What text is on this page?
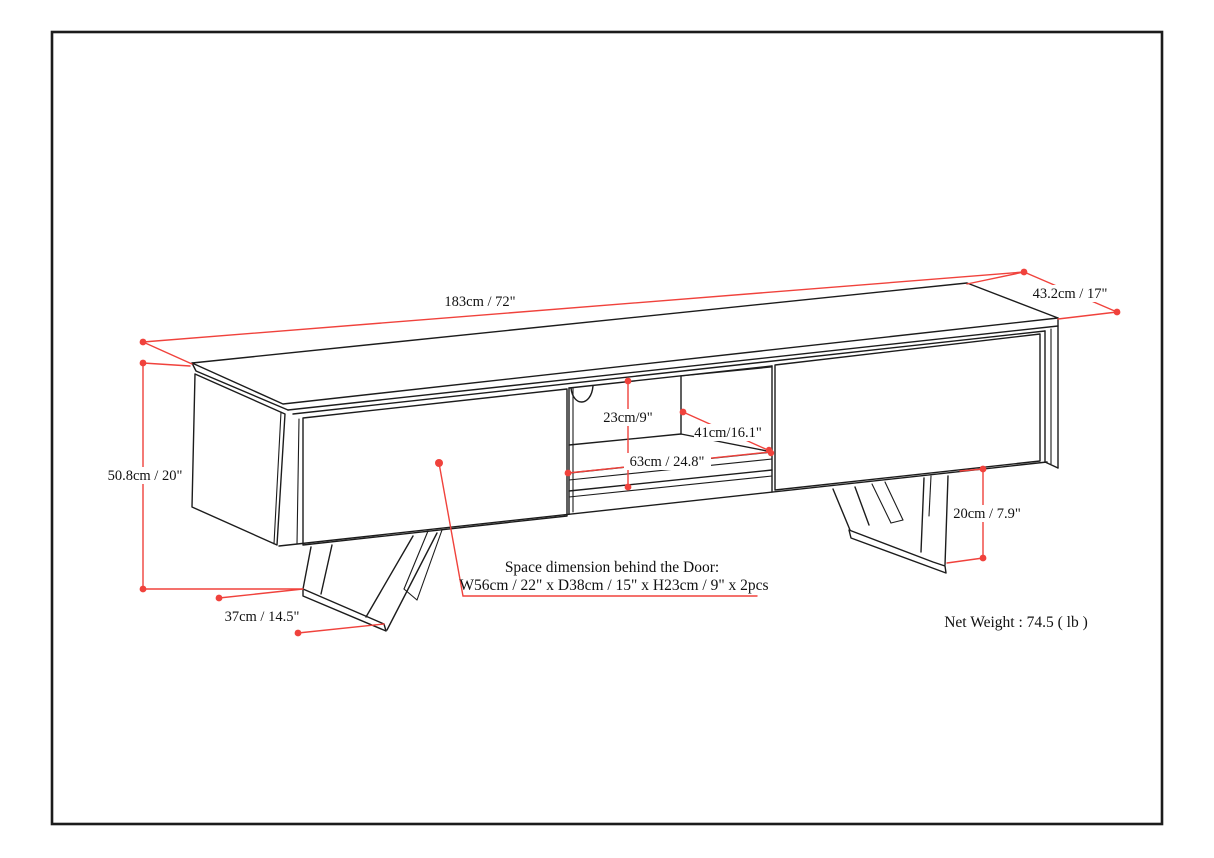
183cm / 72"	43.2cm / 17"
50.8cm / 20"
23cm/9"
41cm/16.1"
63cm / 24.8"
20cm / 7.9"
37cm / 14.5"
Space dimension behind the Door:
W56cm / 22" x D38cm / 15" x H23cm / 9" x 2pcs
Net Weight : 74.5 ( lb )
